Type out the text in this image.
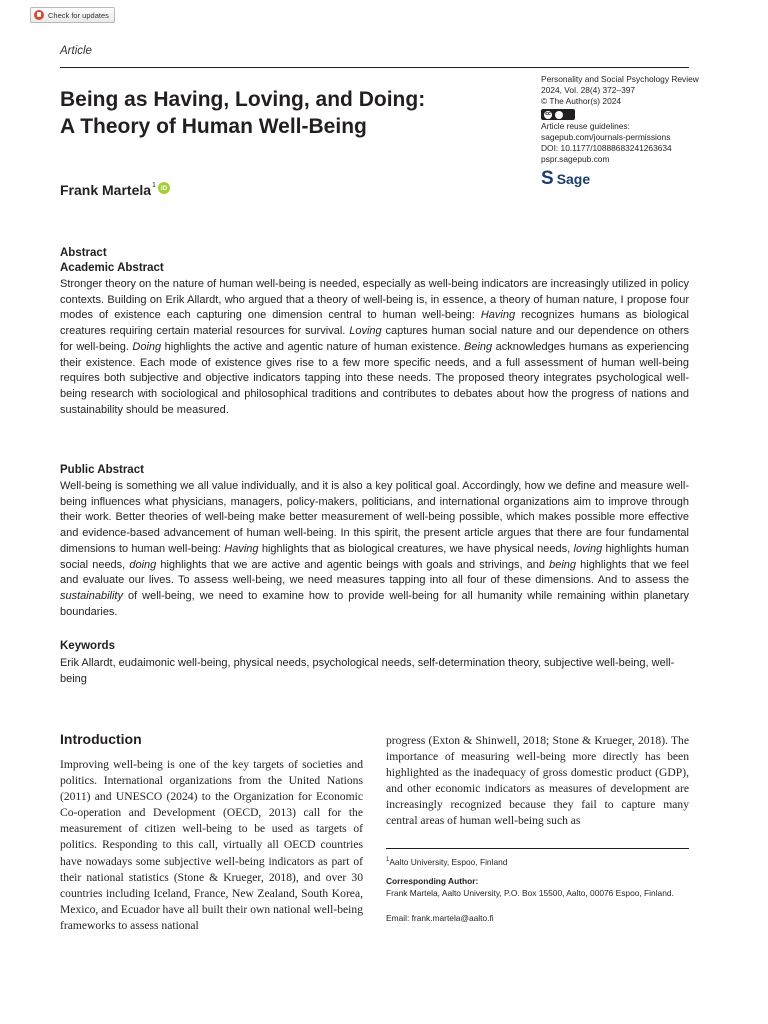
Check for updates
Article
Being as Having, Loving, and Doing:
A Theory of Human Well-Being
Frank Martela$^1$ iD
Personality and Social Psychology Review
2024, Vol. 28(4) 372–397
© The Author(s) 2024
cc
Article reuse guidelines:
sagepub.com/journals-permissions
DOI: 10.1177/10888683241263634
pspr.sagepub.com
S Sage
Abstract
Academic Abstract
Stronger theory on the nature of human well-being is needed, especially as well-being indicators are increasingly utilized in policy contexts. Building on Erik Allardt, who argued that a theory of well-being is, in essence, a theory of human nature, I propose four modes of existence each capturing one dimension central to human well-being: Having recognizes humans as biological creatures requiring certain material resources for survival. Loving captures human social nature and our dependence on others for well-being. Doing highlights the active and agentic nature of human existence. Being acknowledges humans as experiencing their existence. Each mode of existence gives rise to a few more specific needs, and a full assessment of human well-being requires both subjective and objective indicators tapping into these needs. The proposed theory integrates psychological well-being research with sociological and philosophical traditions and contributes to debates about how the progress of nations and sustainability should be measured.
Public Abstract
Well-being is something we all value individually, and it is also a key political goal. Accordingly, how we define and measure well-being influences what physicians, managers, policy-makers, politicians, and international organizations aim to improve through their work. Better theories of well-being make better measurement of well-being possible, which makes possible more effective and evidence-based advancement of human well-being. In this spirit, the present article argues that there are four fundamental dimensions to human well-being: Having highlights that as biological creatures, we have physical needs, loving highlights human social needs, doing highlights that we are active and agentic beings with goals and strivings, and being highlights that we feel and evaluate our lives. To assess well-being, we need measures tapping into all four of these dimensions. And to assess the sustainability of well-being, we need to examine how to provide well-being for all humanity while remaining within planetary boundaries.
Keywords
Erik Allardt, eudaimonic well-being, physical needs, psychological needs, self-determination theory, subjective well-being, well-being
Introduction
Improving well-being is one of the key targets of societies and politics. International organizations from the United Nations (2011) and UNESCO (2024) to the Organization for Economic Co-operation and Development (OECD, 2013) call for the measurement of citizen well-being to be used as targets of politics. Responding to this call, virtually all OECD countries have nowadays some subjective well-being indicators as part of their national statistics (Stone & Krueger, 2018), and over 30 countries including Iceland, France, New Zealand, South Korea, Mexico, and Ecuador have all built their own national well-being frameworks to assess national
progress (Exton & Shinwell, 2018; Stone & Krueger, 2018). The importance of measuring well-being more directly has been highlighted as the inadequacy of gross domestic product (GDP), and other economic indicators as measures of development are increasingly recognized because they fail to capture many central areas of human well-being such as
$^1$Aalto University, Espoo, Finland
Corresponding Author:
Frank Martela, Aalto University, P.O. Box 15500, Aalto, 00076 Espoo, Finland.
Email: frank.martela@aalto.fi
